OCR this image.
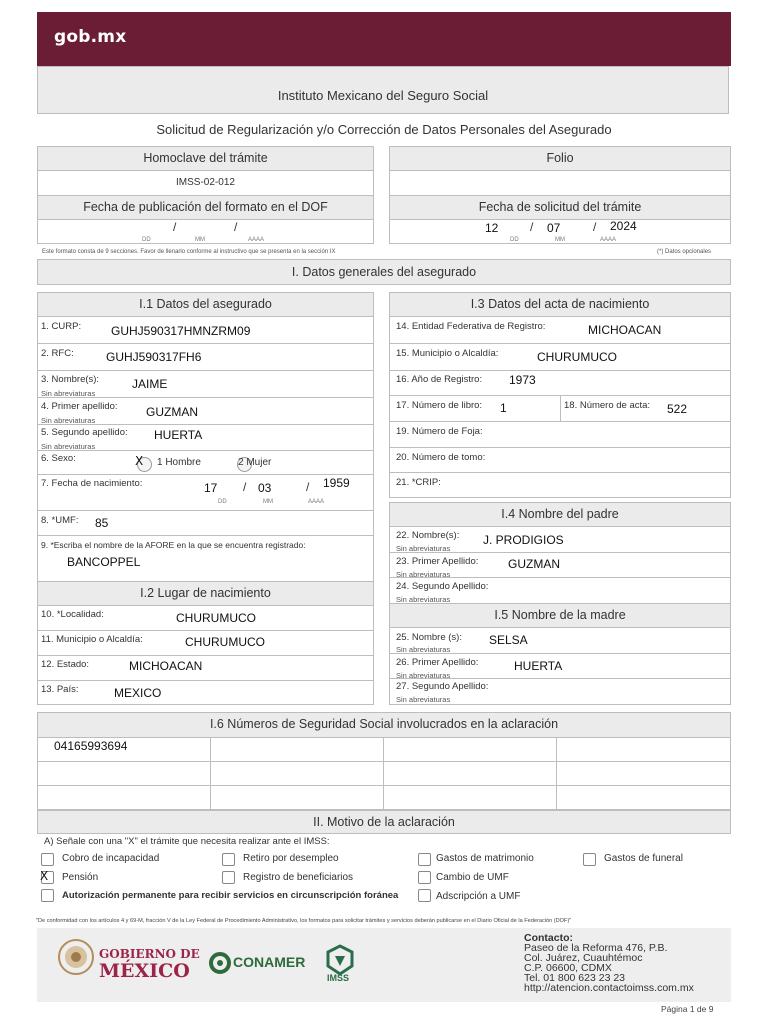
gob.mx
Instituto Mexicano del Seguro Social
Solicitud de Regularización y/o Corrección de Datos Personales del Asegurado
Homoclave del trámite
IMSS-02-012
Fecha de publicación del formato en el DOF
/	/
DD	MM	AAAA
Folio
Fecha de solicitud del trámite
12	/ 07	/ 2024
DD	MM	AAAA
Este formato consta de 9 secciones. Favor de llenarlo conforme al instructivo que se presenta en la sección IX	(*) Datos opcionales
I. Datos generales del asegurado
I.1 Datos del asegurado
1. CURP: GUHJ590317HMNZRM09
2. RFC:	GUHJ590317FH6
3. Nombre(s):	JAIME
Sin abreviaturas
4. Primer apellido: GUZMAN
Sin abreviaturas
5. Segundo apellido: HUERTA
Sin abreviaturas
6. Sexo:
	X 1 Hombre	2 Mujer
7. Fecha de nacimiento:	17 / 03	/ 1959
DD	MM	AAAA
8. *UMF: 85
9. *Escriba el nombre de la AFORE en la que se encuentra registrado:
BANCOPPEL
I.2 Lugar de nacimiento
10. *Localidad:	CHURUMUCO
11. Municipio o Alcaldía:	CHURUMUCO
12. Estado:	MICHOACAN
13. País:	MEXICO
I.3 Datos del acta de nacimiento
14. Entidad Federativa de Registro:	MICHOACAN
15. Municipio o Alcaldía:	CHURUMUCO
16. Año de Registro: 1973
17. Número de libro: 1	18. Número de acta: 522
19. Número de Foja:
20. Número de tomo:
21. *CRIP:
I.4 Nombre del padre
22. Nombre(s): J. PRODIGIOS
Sin abreviaturas
23. Primer Apellido: GUZMAN
Sin abreviaturas
24. Segundo Apellido:
Sin abreviaturas
I.5 Nombre de la madre
25. Nombre (s): SELSA
Sin abreviaturas
26. Primer Apellido:	HUERTA
Sin abreviaturas
27. Segundo Apellido:
Sin abreviaturas
I.6 Números de Seguridad Social involucrados en la aclaración
04165993694
II. Motivo de la aclaración
A) Señale con una "X" el trámite que necesita realizar ante el IMSS:
Cobro de incapacidad	Retiro por desempleo	Gastos de matrimonio	Gastos de funeral
X Pensión	Registro de beneficiarios	Cambio de UMF
Autorización permanente para recibir servicios en circunscripción foránea	Adscripción a UMF
"De conformidad con los artículos 4 y 69-M, fracción V de la Ley Federal de Procedimiento Administrativo, los formatos para solicitar trámites y servicios deberán publicarse en el Diario Oficial de la Federación (DOF)"
GOBIERNO DE
MÉXICO	CONAMER
IMSS
Contacto:
Paseo de la Reforma 476, P.B.
Col. Juárez, Cuauhtémoc
C.P. 06600, CDMX
Tel. 01 800 623 23 23
http://atencion.contactoimss.com.mx
Página 1 de 9
